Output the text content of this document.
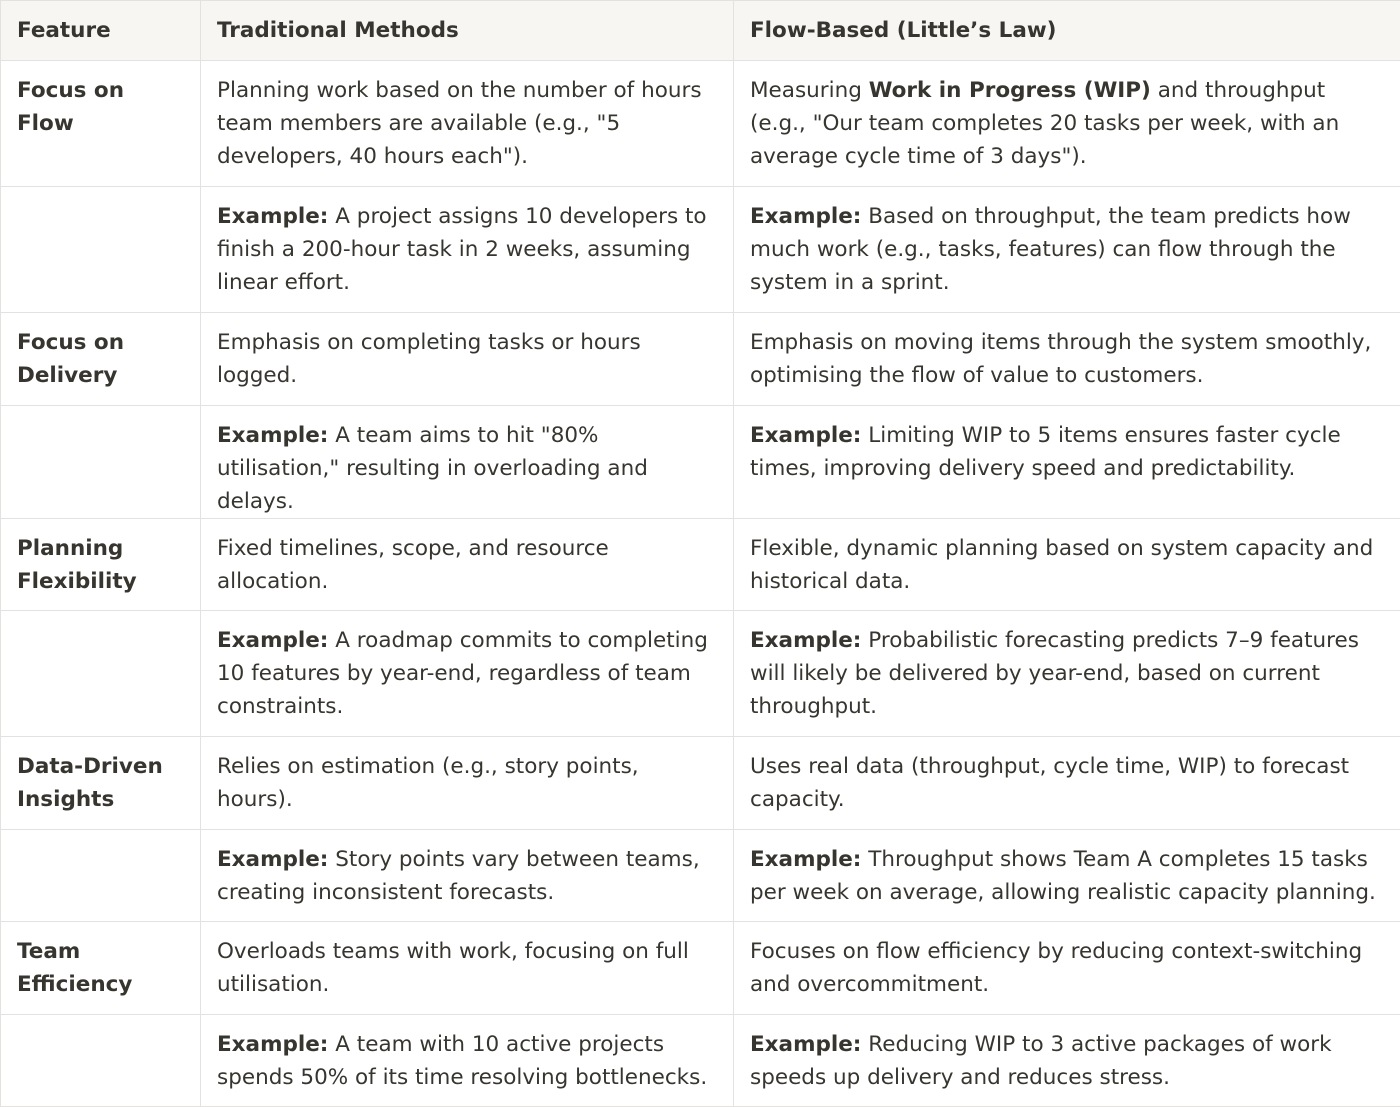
Feature	Traditional Methods	Flow-Based (Little’s Law)
Focus on Flow	Planning work based on the number of hours team members are available (e.g., "5 developers, 40 hours each").	Measuring Work in Progress (WIP) and throughput (e.g., "Our team completes 20 tasks per week, with an average cycle time of 3 days").
	Example: A project assigns 10 developers to finish a 200-hour task in 2 weeks, assuming linear effort.	Example: Based on throughput, the team predicts how much work (e.g., tasks, features) can flow through the system in a sprint.
Focus on Delivery	Emphasis on completing tasks or hours logged.	Emphasis on moving items through the system smoothly, optimising the flow of value to customers.
	Example: A team aims to hit "80% utilisation," resulting in overloading and delays.	Example: Limiting WIP to 5 items ensures faster cycle times, improving delivery speed and predictability.
Planning Flexibility	Fixed timelines, scope, and resource allocation.	Flexible, dynamic planning based on system capacity and historical data.
	Example: A roadmap commits to completing 10 features by year-end, regardless of team constraints.	Example: Probabilistic forecasting predicts 7–9 features will likely be delivered by year-end, based on current throughput.
Data-Driven Insights	Relies on estimation (e.g., story points, hours).	Uses real data (throughput, cycle time, WIP) to forecast capacity.
	Example: Story points vary between teams, creating inconsistent forecasts.	Example: Throughput shows Team A completes 15 tasks per week on average, allowing realistic capacity planning.
Team Efficiency	Overloads teams with work, focusing on full utilisation.	Focuses on flow efficiency by reducing context-switching and overcommitment.
	Example: A team with 10 active projects spends 50% of its time resolving bottlenecks.	Example: Reducing WIP to 3 active packages of work speeds up delivery and reduces stress.
